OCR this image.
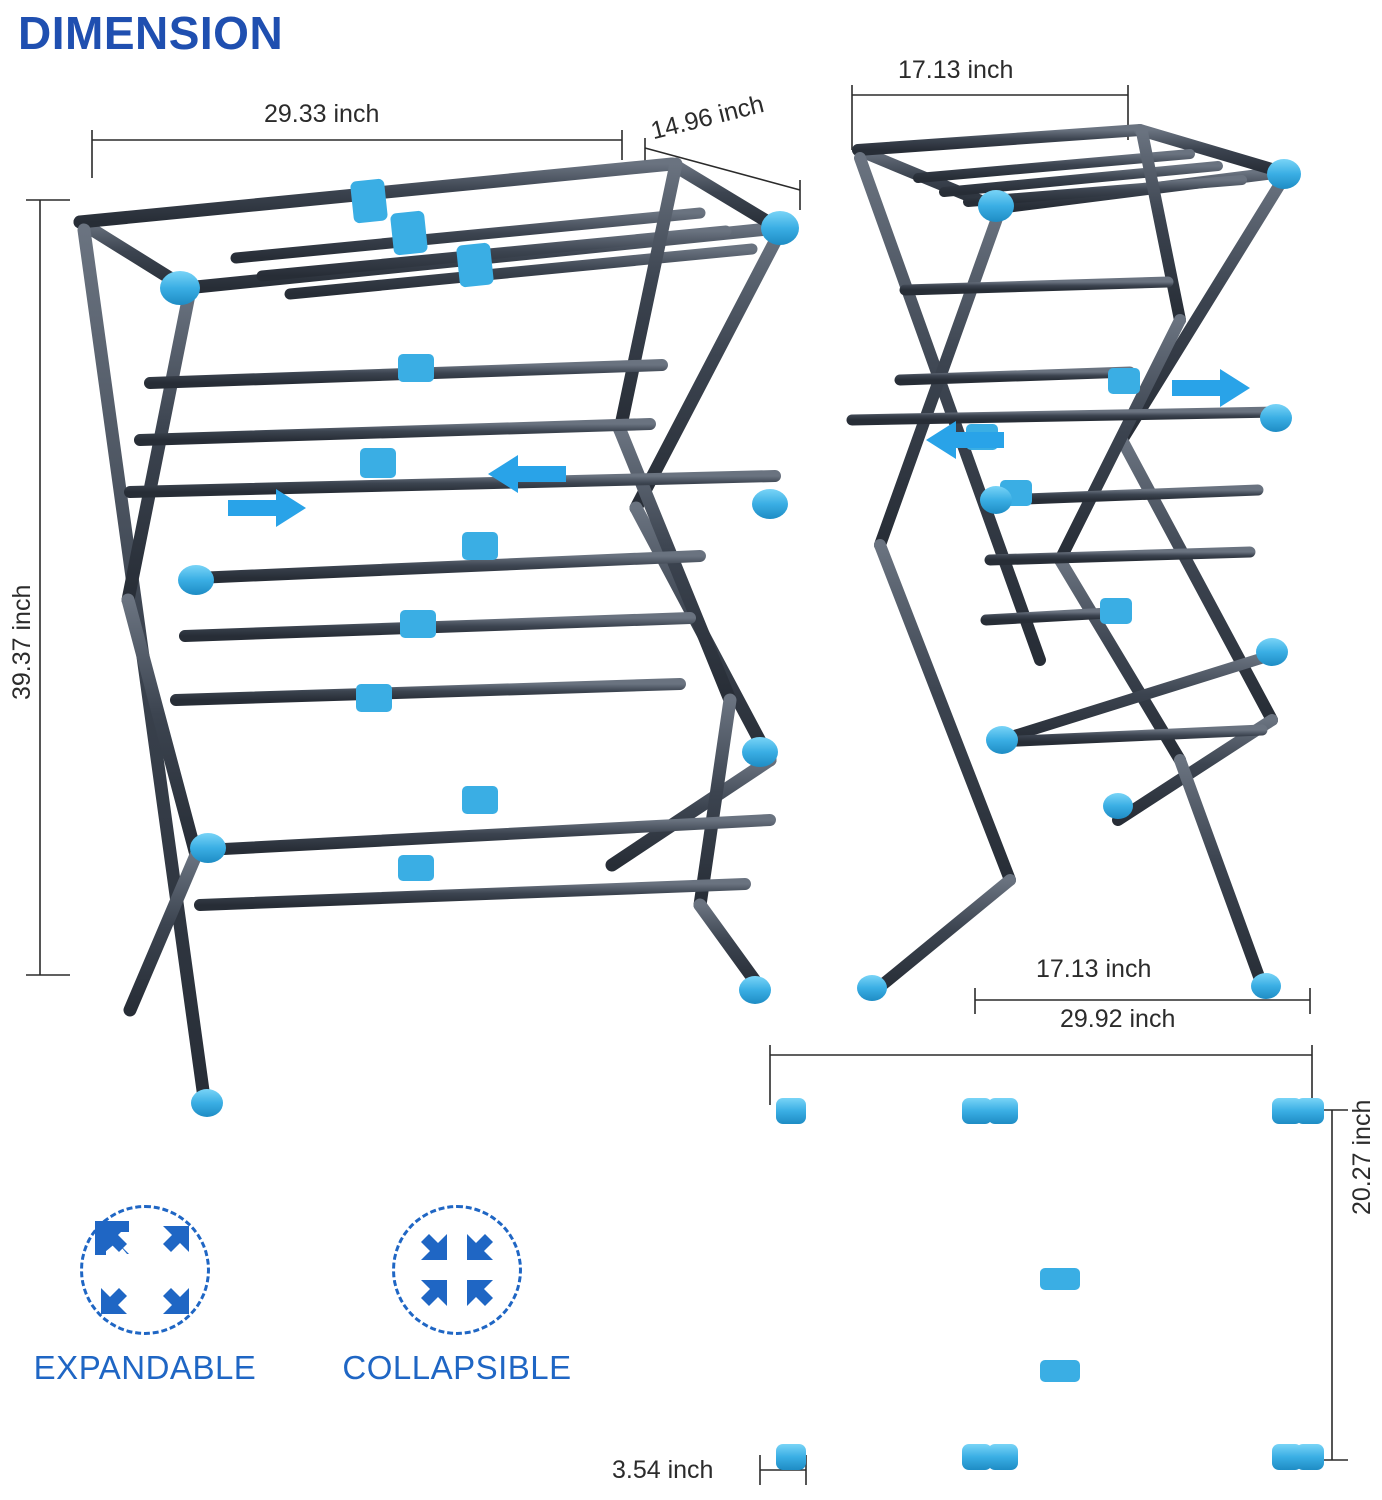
DIMENSION
29.33 inch	14.96 inch
39.37 inch
17.13 inch
17.13 inch
29.92 inch
20.27 inch
3.54 inch
EXPANDABLE	COLLAPSIBLE
